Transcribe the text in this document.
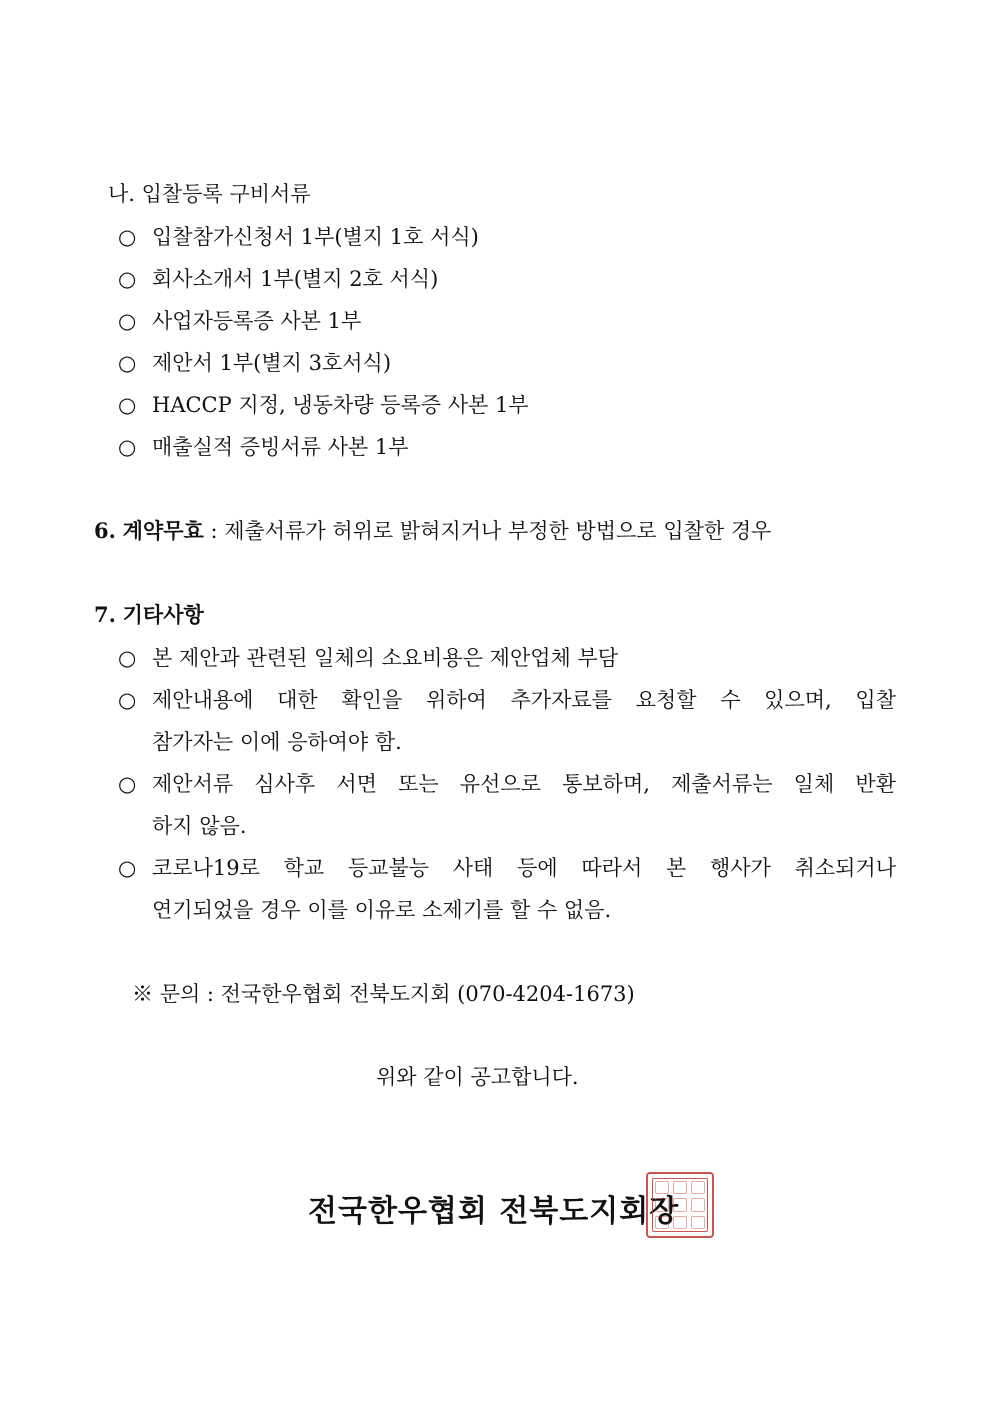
나. 입찰등록 구비서류
○ 입찰참가신청서 1부(별지 1호 서식)
○ 회사소개서 1부(별지 2호 서식)
○ 사업자등록증 사본 1부
○ 제안서 1부(별지 3호서식)
○ HACCP 지정, 냉동차량 등록증 사본 1부
○ 매출실적 증빙서류 사본 1부
6. 계약무효 : 제출서류가 허위로 밝혀지거나 부정한 방법으로 입찰한 경우
7. 기타사항
○ 본 제안과 관련된 일체의 소요비용은 제안업체 부담
○ 제안내용에 대한 확인을 위하여 추가자료를 요청할 수 있으며, 입찰
참가자는 이에 응하여야 함.
○ 제안서류 심사후 서면 또는 유선으로 통보하며, 제출서류는 일체 반환
하지 않음.
○ 코로나19로 학교 등교불능 사태 등에 따라서 본 행사가 취소되거나
연기되었을 경우 이를 이유로 소제기를 할 수 없음.
※ 문의 : 전국한우협회 전북도지회 (070-4204-1673)
위와 같이 공고합니다.
전국한우협회 전북도지회장
